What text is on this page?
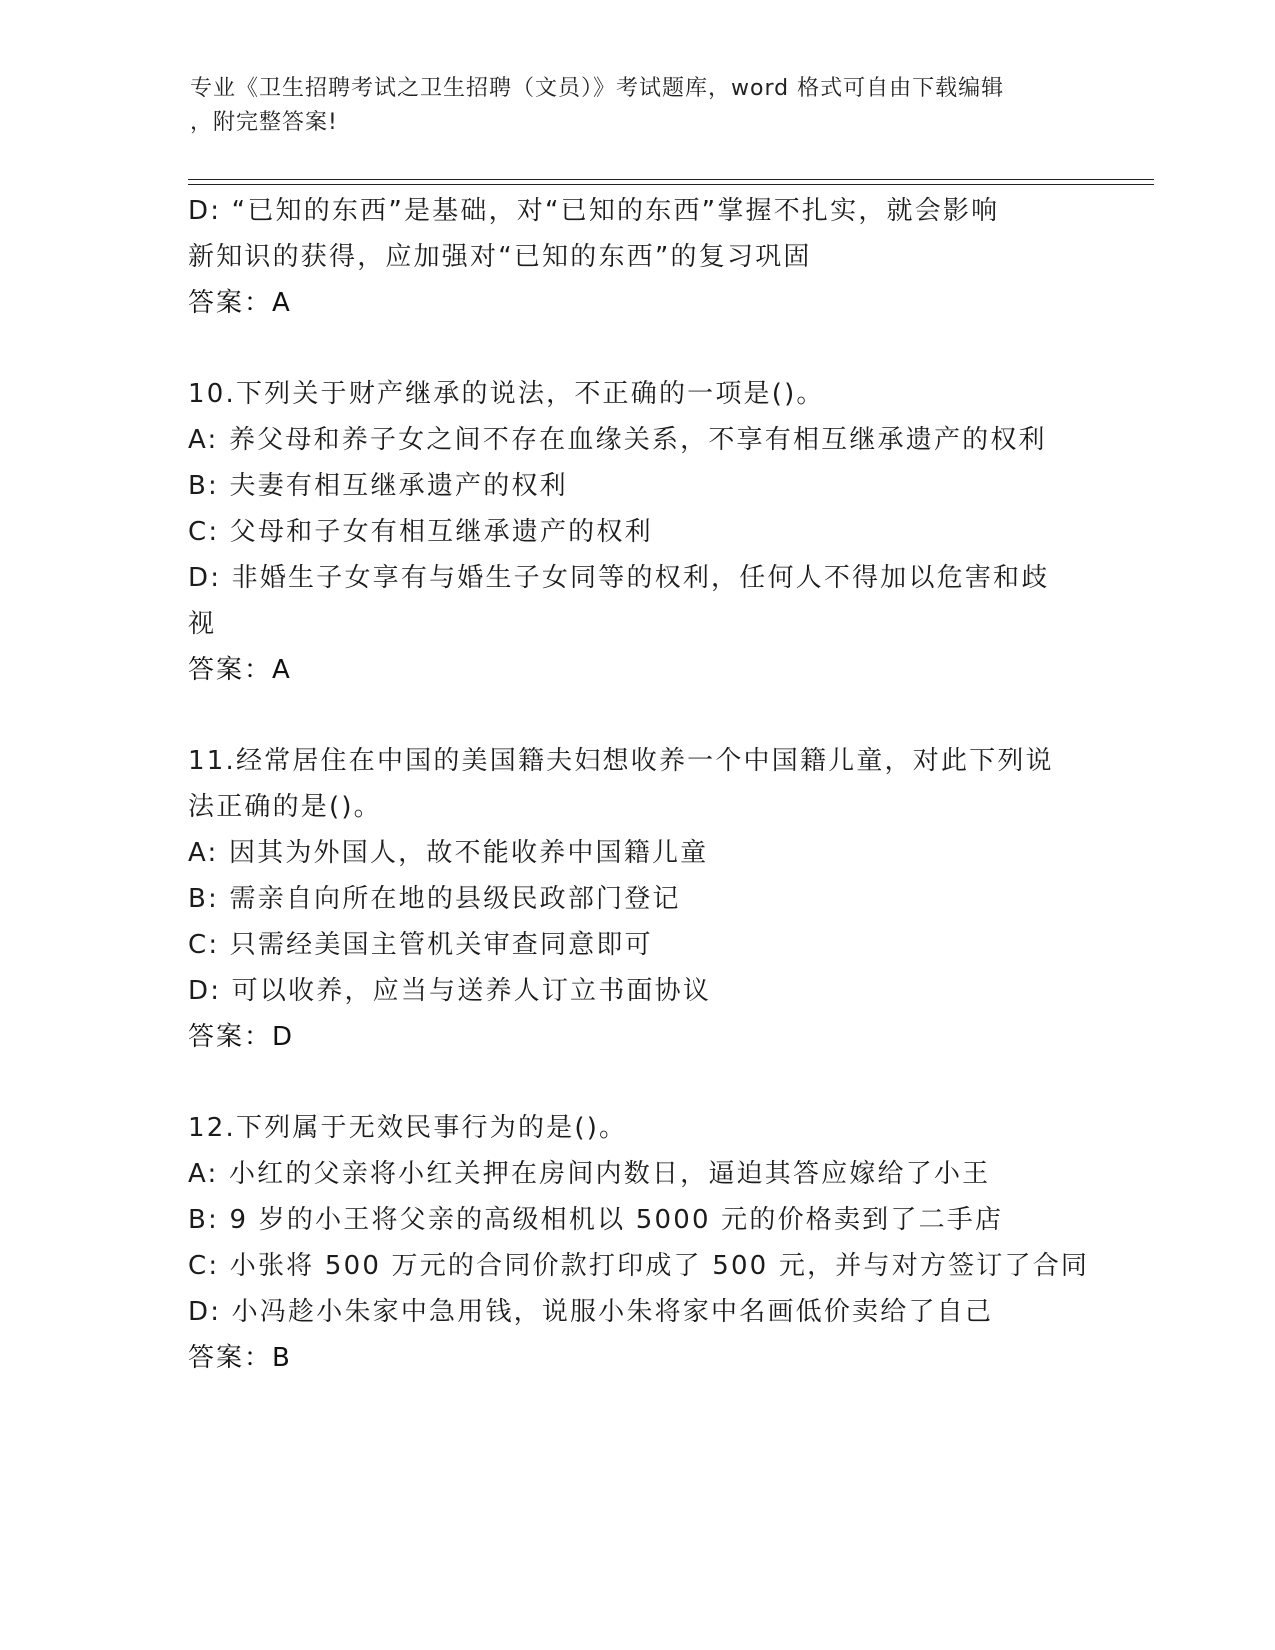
专业《卫生招聘考试之卫生招聘（文员）》考试题库，word 格式可自由下载编辑
，附完整答案!
D: “已知的东西”是基础，对“已知的东西”掌握不扎实，就会影响
新知识的获得，应加强对“已知的东西”的复习巩固
答案：A
10.下列关于财产继承的说法，不正确的一项是()。
A: 养父母和养子女之间不存在血缘关系，不享有相互继承遗产的权利
B: 夫妻有相互继承遗产的权利
C: 父母和子女有相互继承遗产的权利
D: 非婚生子女享有与婚生子女同等的权利，任何人不得加以危害和歧
视
答案：A
11.经常居住在中国的美国籍夫妇想收养一个中国籍儿童，对此下列说
法正确的是()。
A: 因其为外国人，故不能收养中国籍儿童
B: 需亲自向所在地的县级民政部门登记
C: 只需经美国主管机关审查同意即可
D: 可以收养，应当与送养人订立书面协议
答案：D
12.下列属于无效民事行为的是()。
A: 小红的父亲将小红关押在房间内数日，逼迫其答应嫁给了小王
B: 9 岁的小王将父亲的高级相机以 5000 元的价格卖到了二手店
C: 小张将 500 万元的合同价款打印成了 500 元，并与对方签订了合同
D: 小冯趁小朱家中急用钱，说服小朱将家中名画低价卖给了自己
答案：B
